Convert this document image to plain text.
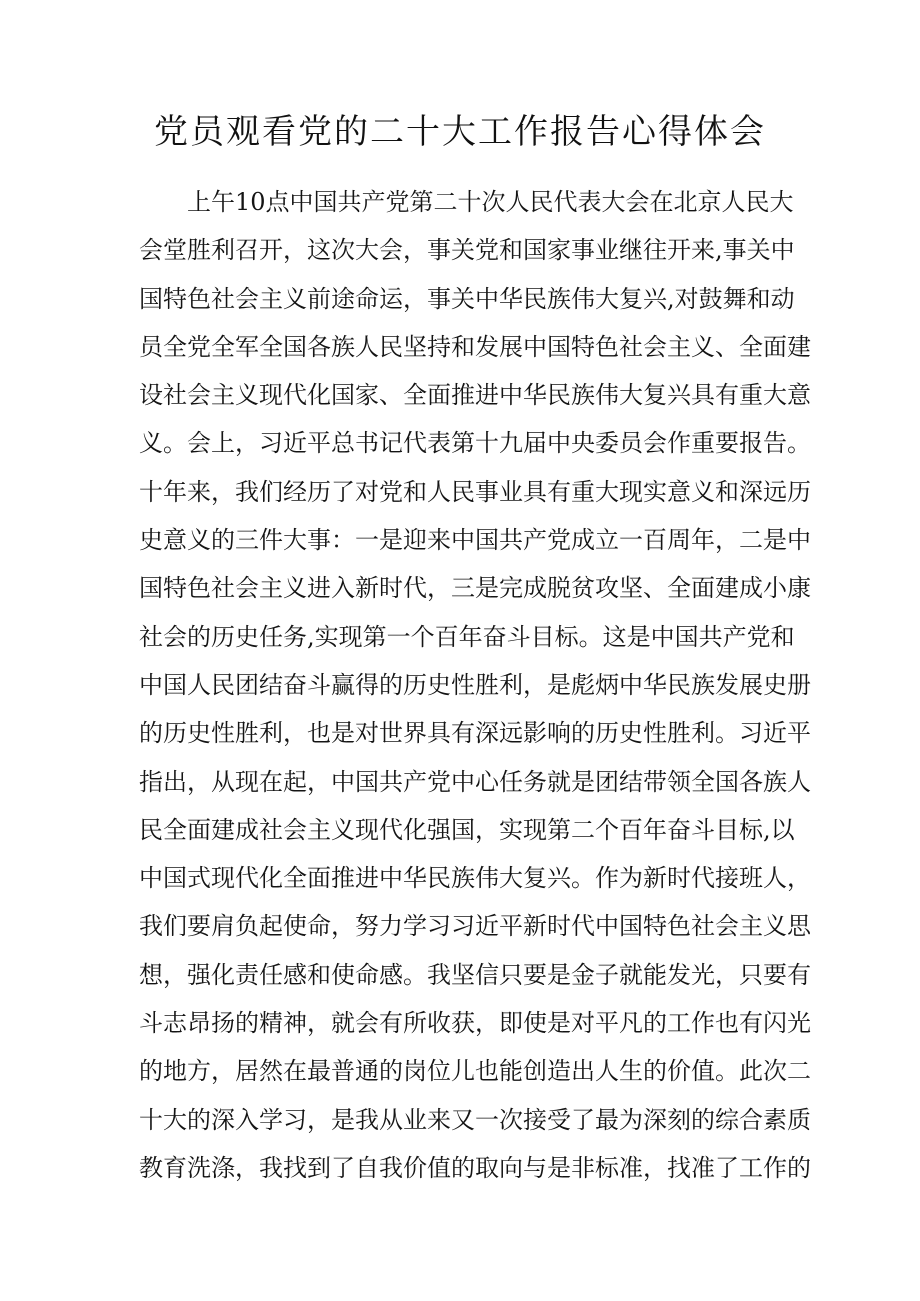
党员观看党的二十大工作报告心得体会
上午10点中国共产党第二十次人民代表大会在北京人民大
会堂胜利召开，这次大会，事关党和国家事业继往开来,事关中
国特色社会主义前途命运，事关中华民族伟大复兴,对鼓舞和动
员全党全军全国各族人民坚持和发展中国特色社会主义、全面建
设社会主义现代化国家、全面推进中华民族伟大复兴具有重大意
义。会上，习近平总书记代表第十九届中央委员会作重要报告。
十年来，我们经历了对党和人民事业具有重大现实意义和深远历
史意义的三件大事：一是迎来中国共产党成立一百周年，二是中
国特色社会主义进入新时代，三是完成脱贫攻坚、全面建成小康
社会的历史任务,实现第一个百年奋斗目标。这是中国共产党和
中国人民团结奋斗赢得的历史性胜利，是彪炳中华民族发展史册
的历史性胜利，也是对世界具有深远影响的历史性胜利。习近平
指出，从现在起，中国共产党中心任务就是团结带领全国各族人
民全面建成社会主义现代化强国，实现第二个百年奋斗目标,以
中国式现代化全面推进中华民族伟大复兴。作为新时代接班人，
我们要肩负起使命，努力学习习近平新时代中国特色社会主义思
想，强化责任感和使命感。我坚信只要是金子就能发光，只要有
斗志昂扬的精神，就会有所收获，即使是对平凡的工作也有闪光
的地方，居然在最普通的岗位儿也能创造出人生的价值。此次二
十大的深入学习，是我从业来又一次接受了最为深刻的综合素质
教育洗涤，我找到了自我价值的取向与是非标准，找准了工作的
